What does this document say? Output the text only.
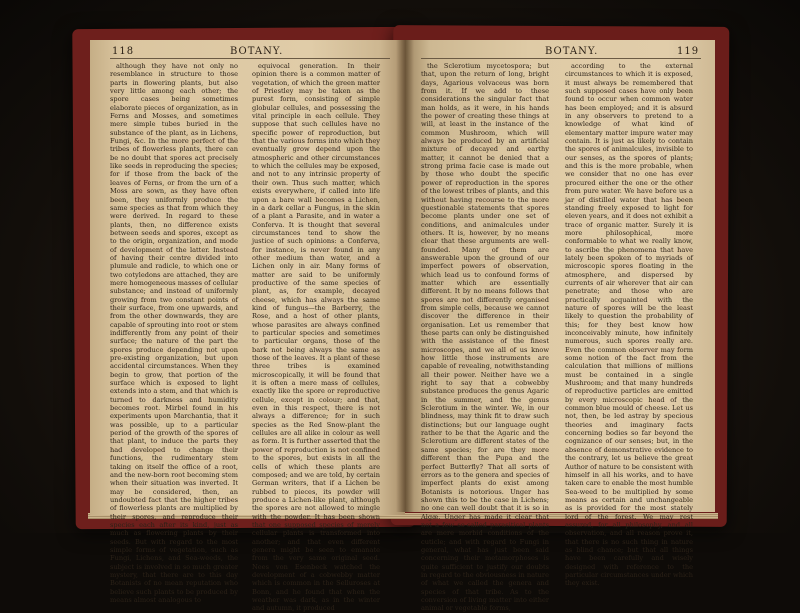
118	BOTANY.

although they have not only no resemblance in structure to those parts in flowering plants, but also very little among each other; the spore cases being sometimes elaborate pieces of organization, as in Ferns and Mosses, and sometimes mere simple tubes buried in the substance of the plant, as in Lichens, Fungi, &c. In the more perfect of the tribes of flowerless plants, there can be no doubt that spores act precisely like seeds in reproducing the species; for if those from the back of the leaves of Ferns, or from the urn of a Moss are sown, as they have often been, they uniformly produce the same species as that from which they were derived. In regard to these plants, then, no difference exists between seeds and spores, except as to the origin, organization, and mode of development of the latter. Instead of having their centre divided into plumule and radicle, to which one or two cotyledons are attached, they are mere homogeneous masses of cellular substance; and instead of uniformly growing from two constant points of their surface, from one upwards, and from the other downwards, they are capable of sprouting into root or stem indifferently from any point of their surface; the nature of the part the spores produce depending not upon pre-existing organization, but upon accidental circumstances. When they begin to grow, that portion of the surface which is exposed to light extends into a stem, and that which is turned to darkness and humidity becomes root. Mirbel found in his experiments upon Marchantia, that it was possible, up to a particular period of the growth of the spores of that plant, to induce the parts they had developed to change their functions, the rudimentary stem taking on itself the office of a root, and the new-born root becoming stem when their situation was inverted. It may be considered, then, an undoubted fact that the higher tribes of flowerless plants are multiplied by their spores, and reproduce their species each after its kind, just as much as flowering plants by their seeds. But with regard to the most simple forms of vegetation, such as Fungi, Lichens, and Sea-weeds, the subject is involved in so much greater mystery, that there are to this day Botanists of no mean reputation who believe such plants to be produced by means almost analogous to

equivocal generation. In their opinion there is a common matter of vegetation, of which the green matter of Priestley may be taken as the purest form, consisting of simple globular cellules, and possessing the vital principle in each cellule. They suppose that such cellules have no specific power of reproduction, but that the various forms into which they eventually grow depend upon the atmospheric and other circumstances to which the cellules may be exposed, and not to any intrinsic property of their own. Thus such matter, which exists everywhere, if called into life upon a bare wall becomes a Lichen, in a dark cellar a Fungus, in the skin of a plant a Parasite, and in water a Conferva. It is thought that several circumstances tend to show the justice of such opinions: a Conferva, for instance, is never found in any other medium than water, and a Lichen only in air. Many forms of matter are said to be uniformly productive of the same species of plant, as, for example, decayed cheese, which has always the same kind of fungus—the Barberry, the Rose, and a host of other plants, whose parasites are always confined to particular species and sometimes to particular organs, those of the bark not being always the same as those of the leaves. It a plant of these three tribes is examined microscopically, it will be found that it is often a mere mass of cellules, exactly like the spore or reproductive cellule, except in colour; and that, even in this respect, there is not always a difference; for in such species as the Red Snow-plant the cellules are all alike in colour as well as form. It is further asserted that the power of reproduction is not confined to the spores, but exists in all the cells of which these plants are composed; and we are told, by certain German writers, that if a Lichen be rubbed to pieces, its powder will produce a Lichen-like plant, although the spores are not allowed to mingle with the powder. It has been shown that one supposed species of merely cellular plants is transformed into another; and that even different genera might be seen to emanate from the very same original seed. Nees von Esenbeck watched the development of a cobwebby matter which is common in the Selluroses at Bonn, and he found that when the weather was dark, as in the winter and autumn, it produced

BOTANY.	119

the Sclerotium mycetospora; but that, upon the return of long, bright days, Agarious volvaceus was born from it. If we add to these considerations the singular fact that man holds, as it were, in his hands the power of creating these things at will, at least in the instance of the common Mushroom, which will always be produced by an artificial mixture of decayed and earthy matter, it cannot be denied that a strong prima facie case is made out by those who doubt the specific power of reproduction in the spores of the lowest tribes of plants, and this without having recourse to the more questionable statements that spores become plants under one set of conditions, and animalcules under others. It is, however, by no means clear that these arguments are well-founded. Many of them are answerable upon the ground of our imperfect powers of observation, which lead us to confound forms of matter which are essentially different. It by no means follows that spores are not differently organised from simple cells, because we cannot discover the difference in their organisation. Let us remember that these parts can only be distinguished with the assistance of the finest microscopes, and we all of us know how little those instruments are capable of revealing, notwithstanding all their power. Neither have we a right to say that a cobwebby substance produces the genus Agaric in the summer, and the genus Sclerotium in the winter. We, in our blindness, may think fit to draw such distinctions; but our language ought rather to be that the Agaric and the Sclerotium are different states of the same species; for are they more different than the Pupa and the perfect Butterfly? That all sorts of errors as to the genera and species of imperfect plants do exist among Botanists is notorious. Unger has shown this to be the case in Lichens; no one can well doubt that it is so in Algæ. Unger has made it clear that not a few so-called parasitical plants are mere morbid conditions of the cuticle; and with regard to Fungi in general, what has just been said concerning their metamorphoses is quite sufficient to justify our doubts in regard to the obviousness in nature of what we called the genera and species of that tribe. As to the conversion of living matter into either animal or vegetable forms,

according to the external circumstances to which it is exposed, it must always be remembered that such supposed cases have only been found to occur when common water has been employed; and it is absurd in any observers to pretend to a knowledge of what kind of elementary matter impure water may contain. It is just as likely to contain the spores of animalcules, invisible to our senses, as the spores of plants; and this is the more probable, when we consider that no one has ever procured either the one or the other from pure water. We have before us a jar of distilled water that has been standing freely exposed to light for eleven years, and it does not exhibit a trace of organic matter. Surely it is more philosophical, more conformable to what we really know, to ascribe the phenomena that have lately been spoken of to myriads of microscopic spores floating in the atmosphere, and dispersed by currents of air wherever that air can penetrate; and those who are practically acquainted with the nature of spores will be the least likely to question the probability of this; for they best know how inconceivably minute, how infinitely numerous, such spores really are. Even the common observer may form some notion of the fact from the calculation that millions of millions must be contained in a single Mushroom; and that many hundreds of reproductive particles are emitted by every microscopic head of the common blue mould of cheese. Let us not, then, be led astray by specious theories and imaginary facts concerning bodies so far beyond the cognizance of our senses; but, in the absence of demonstrative evidence to the contrary, let us believe the great Author of nature to be consistent with himself in all his works, and to have taken care to enable the most humble Sea-weed to be multiplied by some means as certain and unchangeable as is provided for the most stately lord of the forest. We may rest assured, for all philosophy, and all observation, and all reason prove it, that there is no such thing in nature as blind chance; but that all things have been carefully and wisely designed with reference to the particular circumstances under which they exist.
